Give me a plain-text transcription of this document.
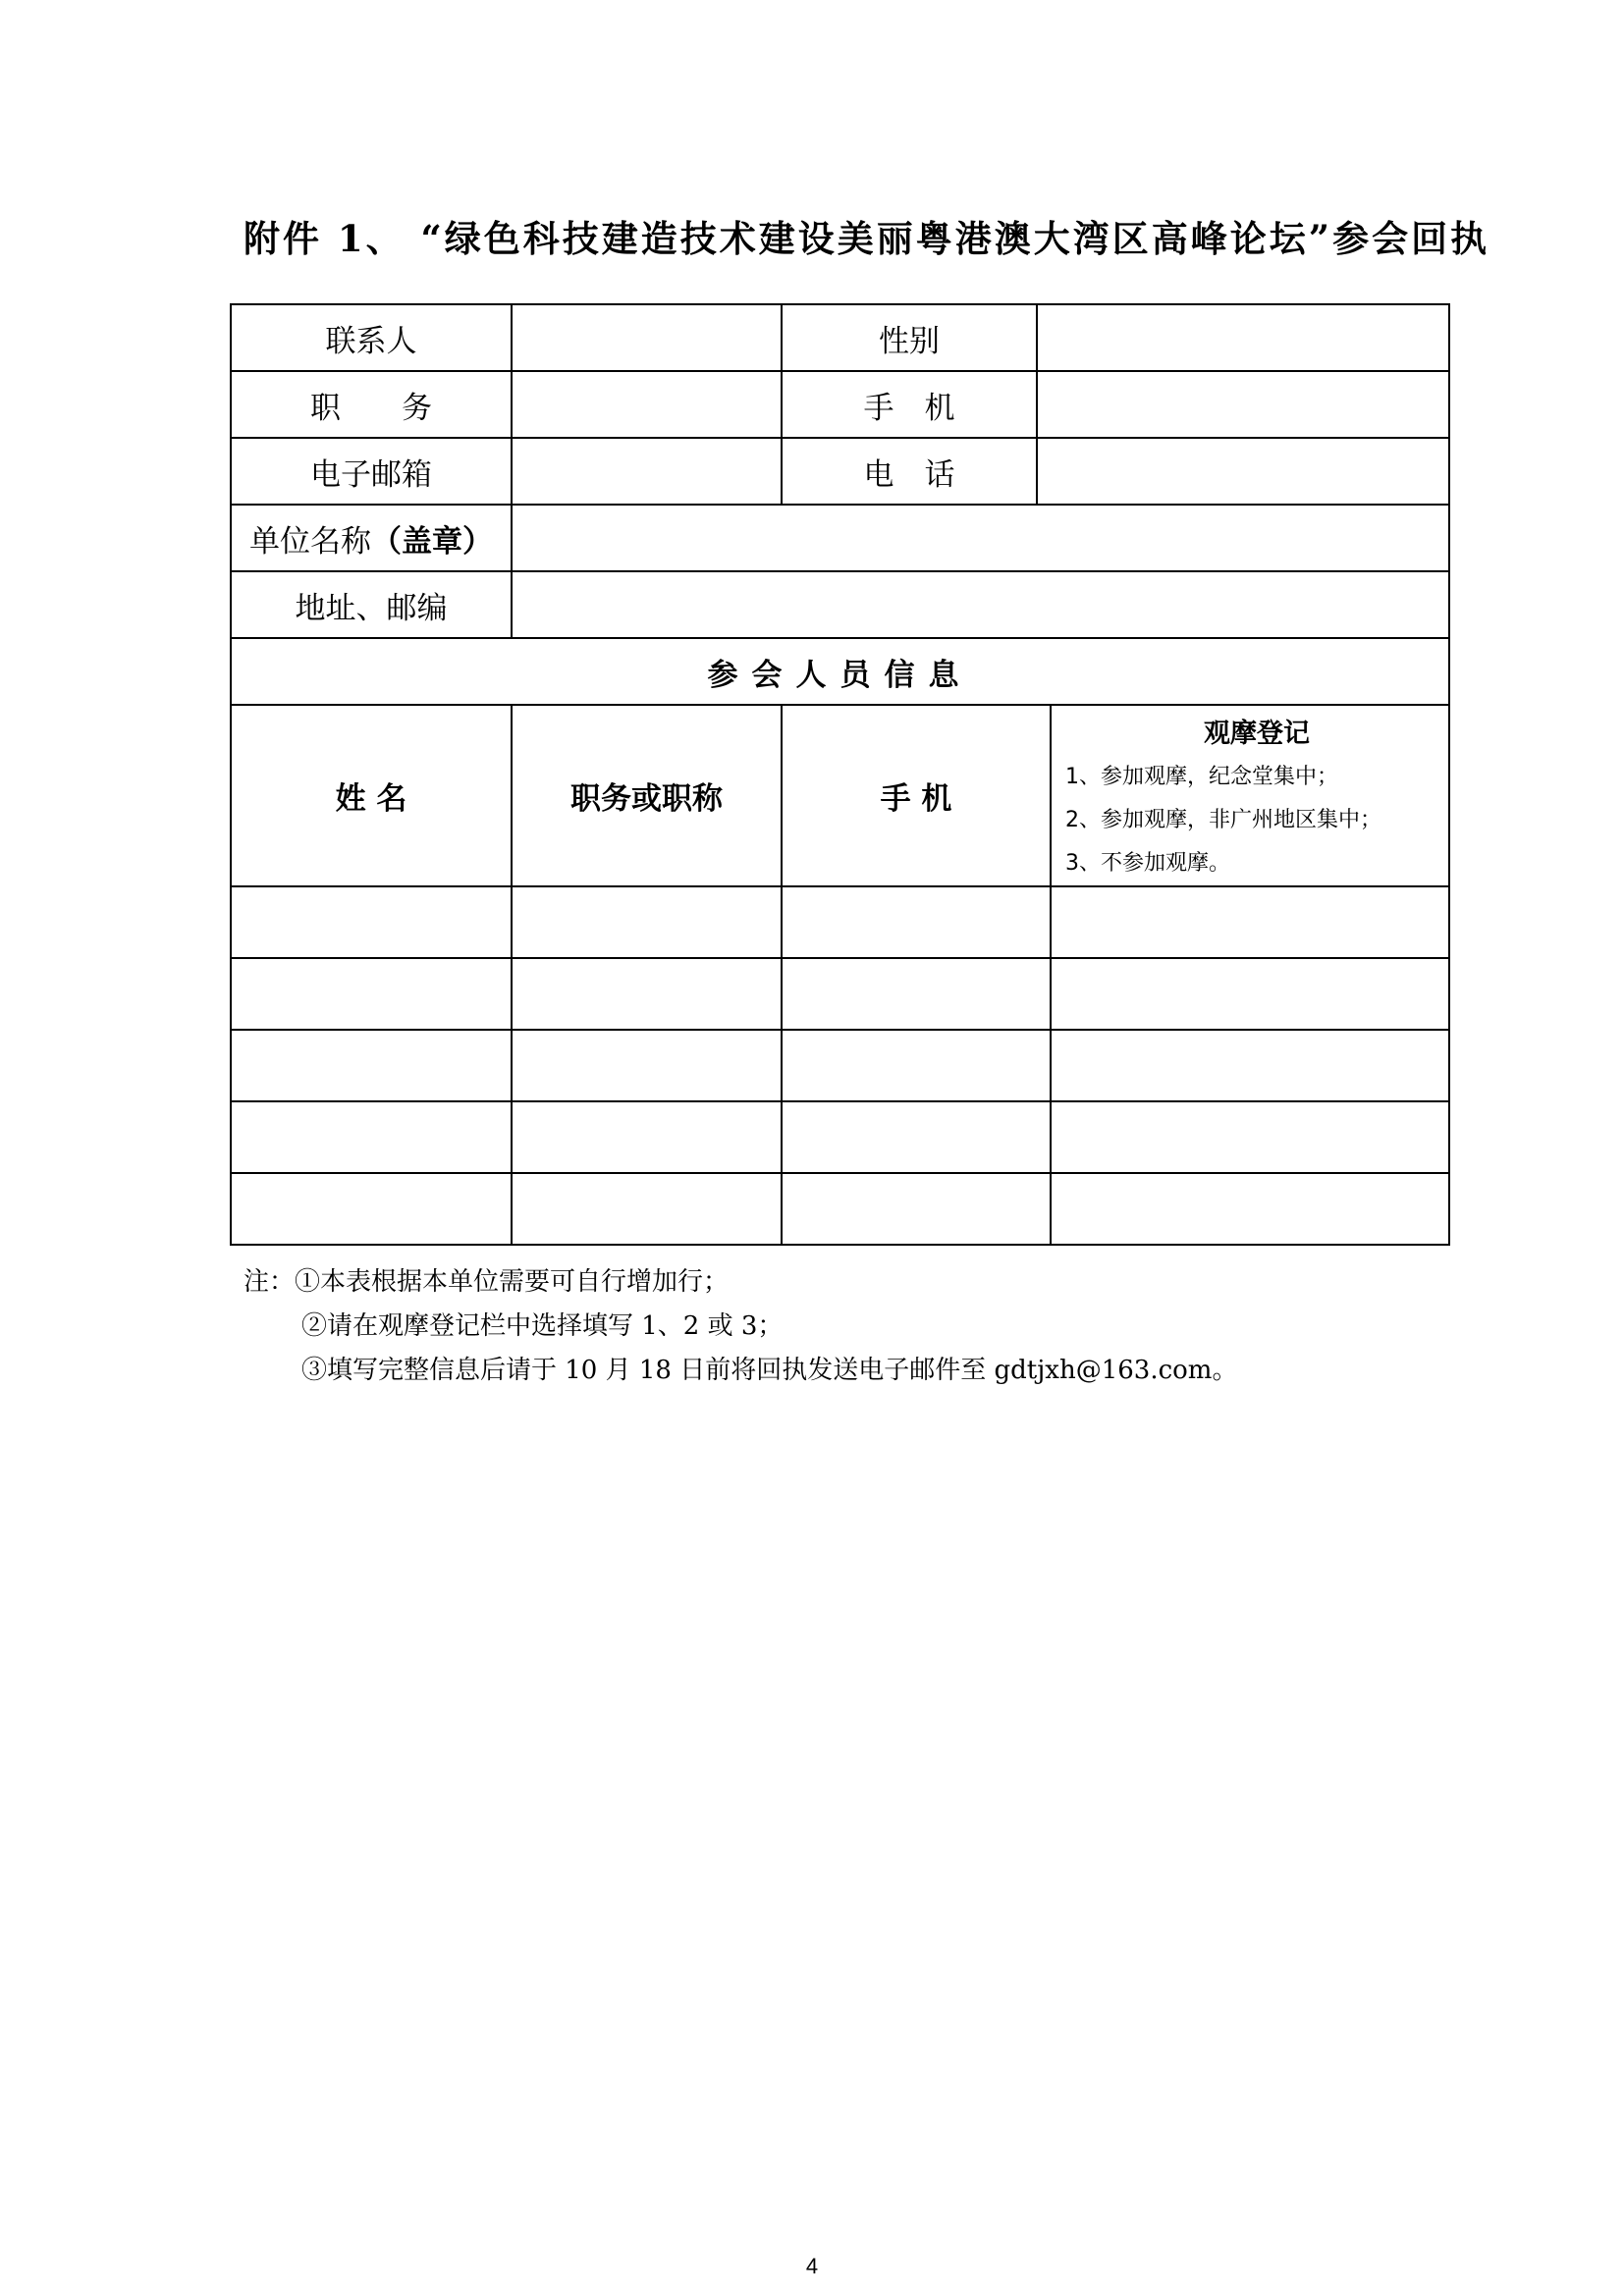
附件 1、 “绿色科技建造技术建设美丽粤港澳大湾区高峰论坛”参会回执
联系人		性别		
职　　务		手　机		
电子邮箱		电　话		
单位名称（盖章）				
地址、邮编				
参会人员信息				
姓 名	职务或职称	手 机		观摩登记
1、参加观摩，纪念堂集中；
2、参加观摩，非广州地区集中；
3、不参加观摩。

注：①本表根据本单位需要可自行增加行；
②请在观摩登记栏中选择填写 1、2 或 3；
③填写完整信息后请于 10 月 18 日前将回执发送电子邮件至 gdtjxh@163.com。
4
